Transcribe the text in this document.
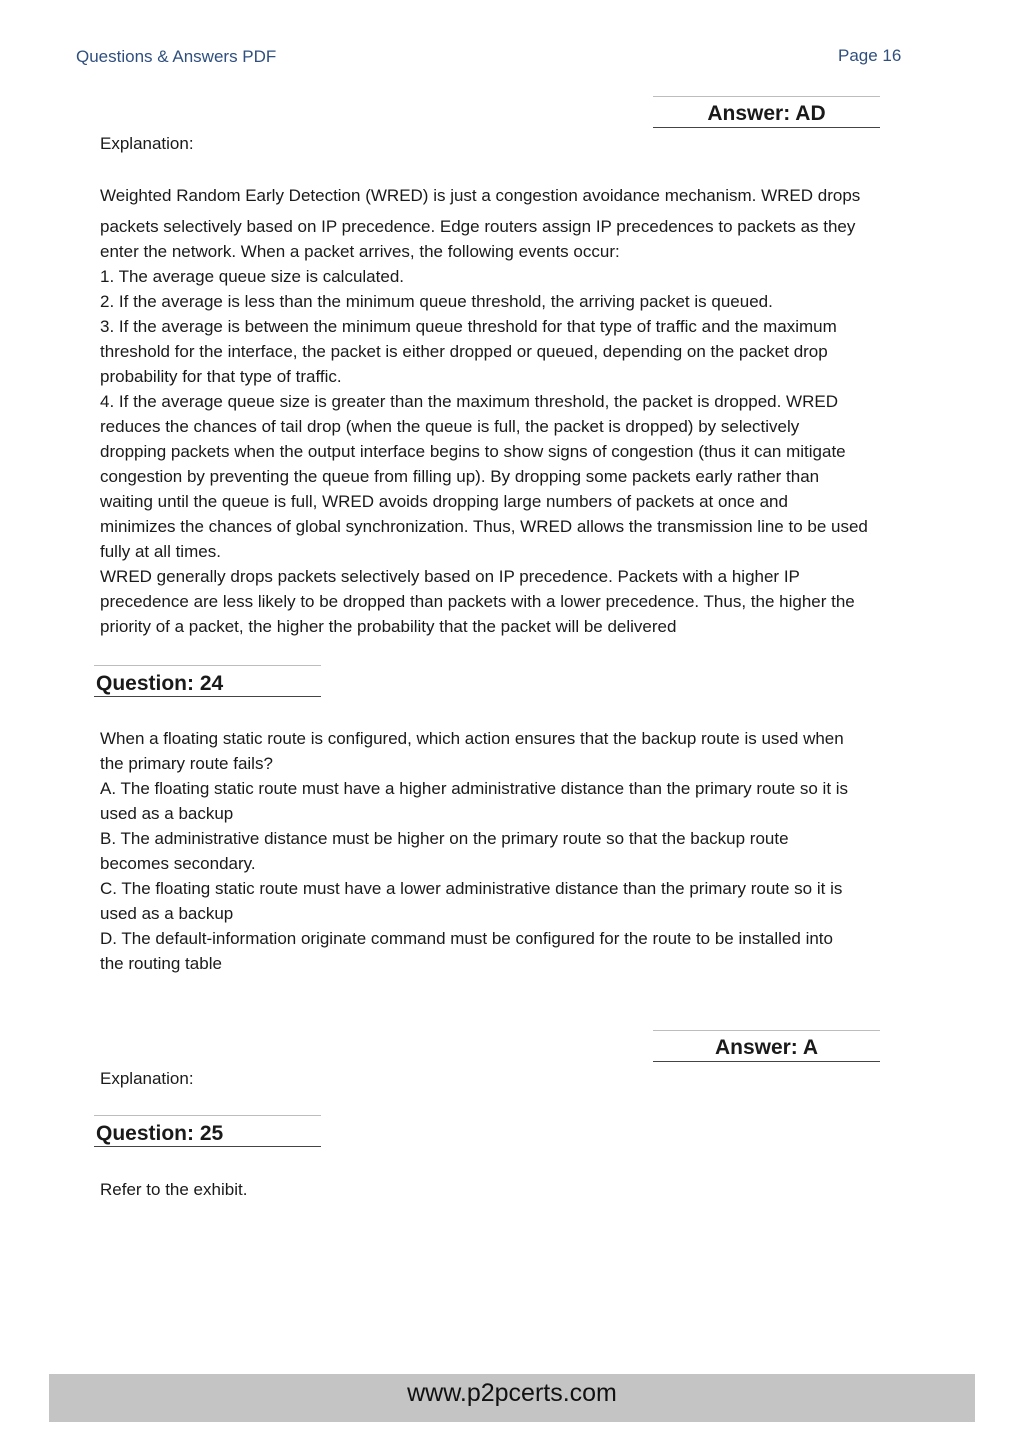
Questions & Answers PDF	Page 16
Answer: AD
Explanation:
Weighted Random Early Detection (WRED) is just a congestion avoidance mechanism. WRED drops
packets selectively based on IP precedence. Edge routers assign IP precedences to packets as they
enter the network. When a packet arrives, the following events occur:
1. The average queue size is calculated.
2. If the average is less than the minimum queue threshold, the arriving packet is queued.
3. If the average is between the minimum queue threshold for that type of traffic and the maximum
threshold for the interface, the packet is either dropped or queued, depending on the packet drop
probability for that type of traffic.
4. If the average queue size is greater than the maximum threshold, the packet is dropped. WRED
reduces the chances of tail drop (when the queue is full, the packet is dropped) by selectively
dropping packets when the output interface begins to show signs of congestion (thus it can mitigate
congestion by preventing the queue from filling up). By dropping some packets early rather than
waiting until the queue is full, WRED avoids dropping large numbers of packets at once and
minimizes the chances of global synchronization. Thus, WRED allows the transmission line to be used
fully at all times.
WRED generally drops packets selectively based on IP precedence. Packets with a higher IP
precedence are less likely to be dropped than packets with a lower precedence. Thus, the higher the
priority of a packet, the higher the probability that the packet will be delivered
Question: 24
When a floating static route is configured, which action ensures that the backup route is used when
the primary route fails?
A. The floating static route must have a higher administrative distance than the primary route so it is
used as a backup
B. The administrative distance must be higher on the primary route so that the backup route
becomes secondary.
C. The floating static route must have a lower administrative distance than the primary route so it is
used as a backup
D. The default-information originate command must be configured for the route to be installed into
the routing table
Answer: A
Explanation:
Question: 25
Refer to the exhibit.
www.p2pcerts.com
